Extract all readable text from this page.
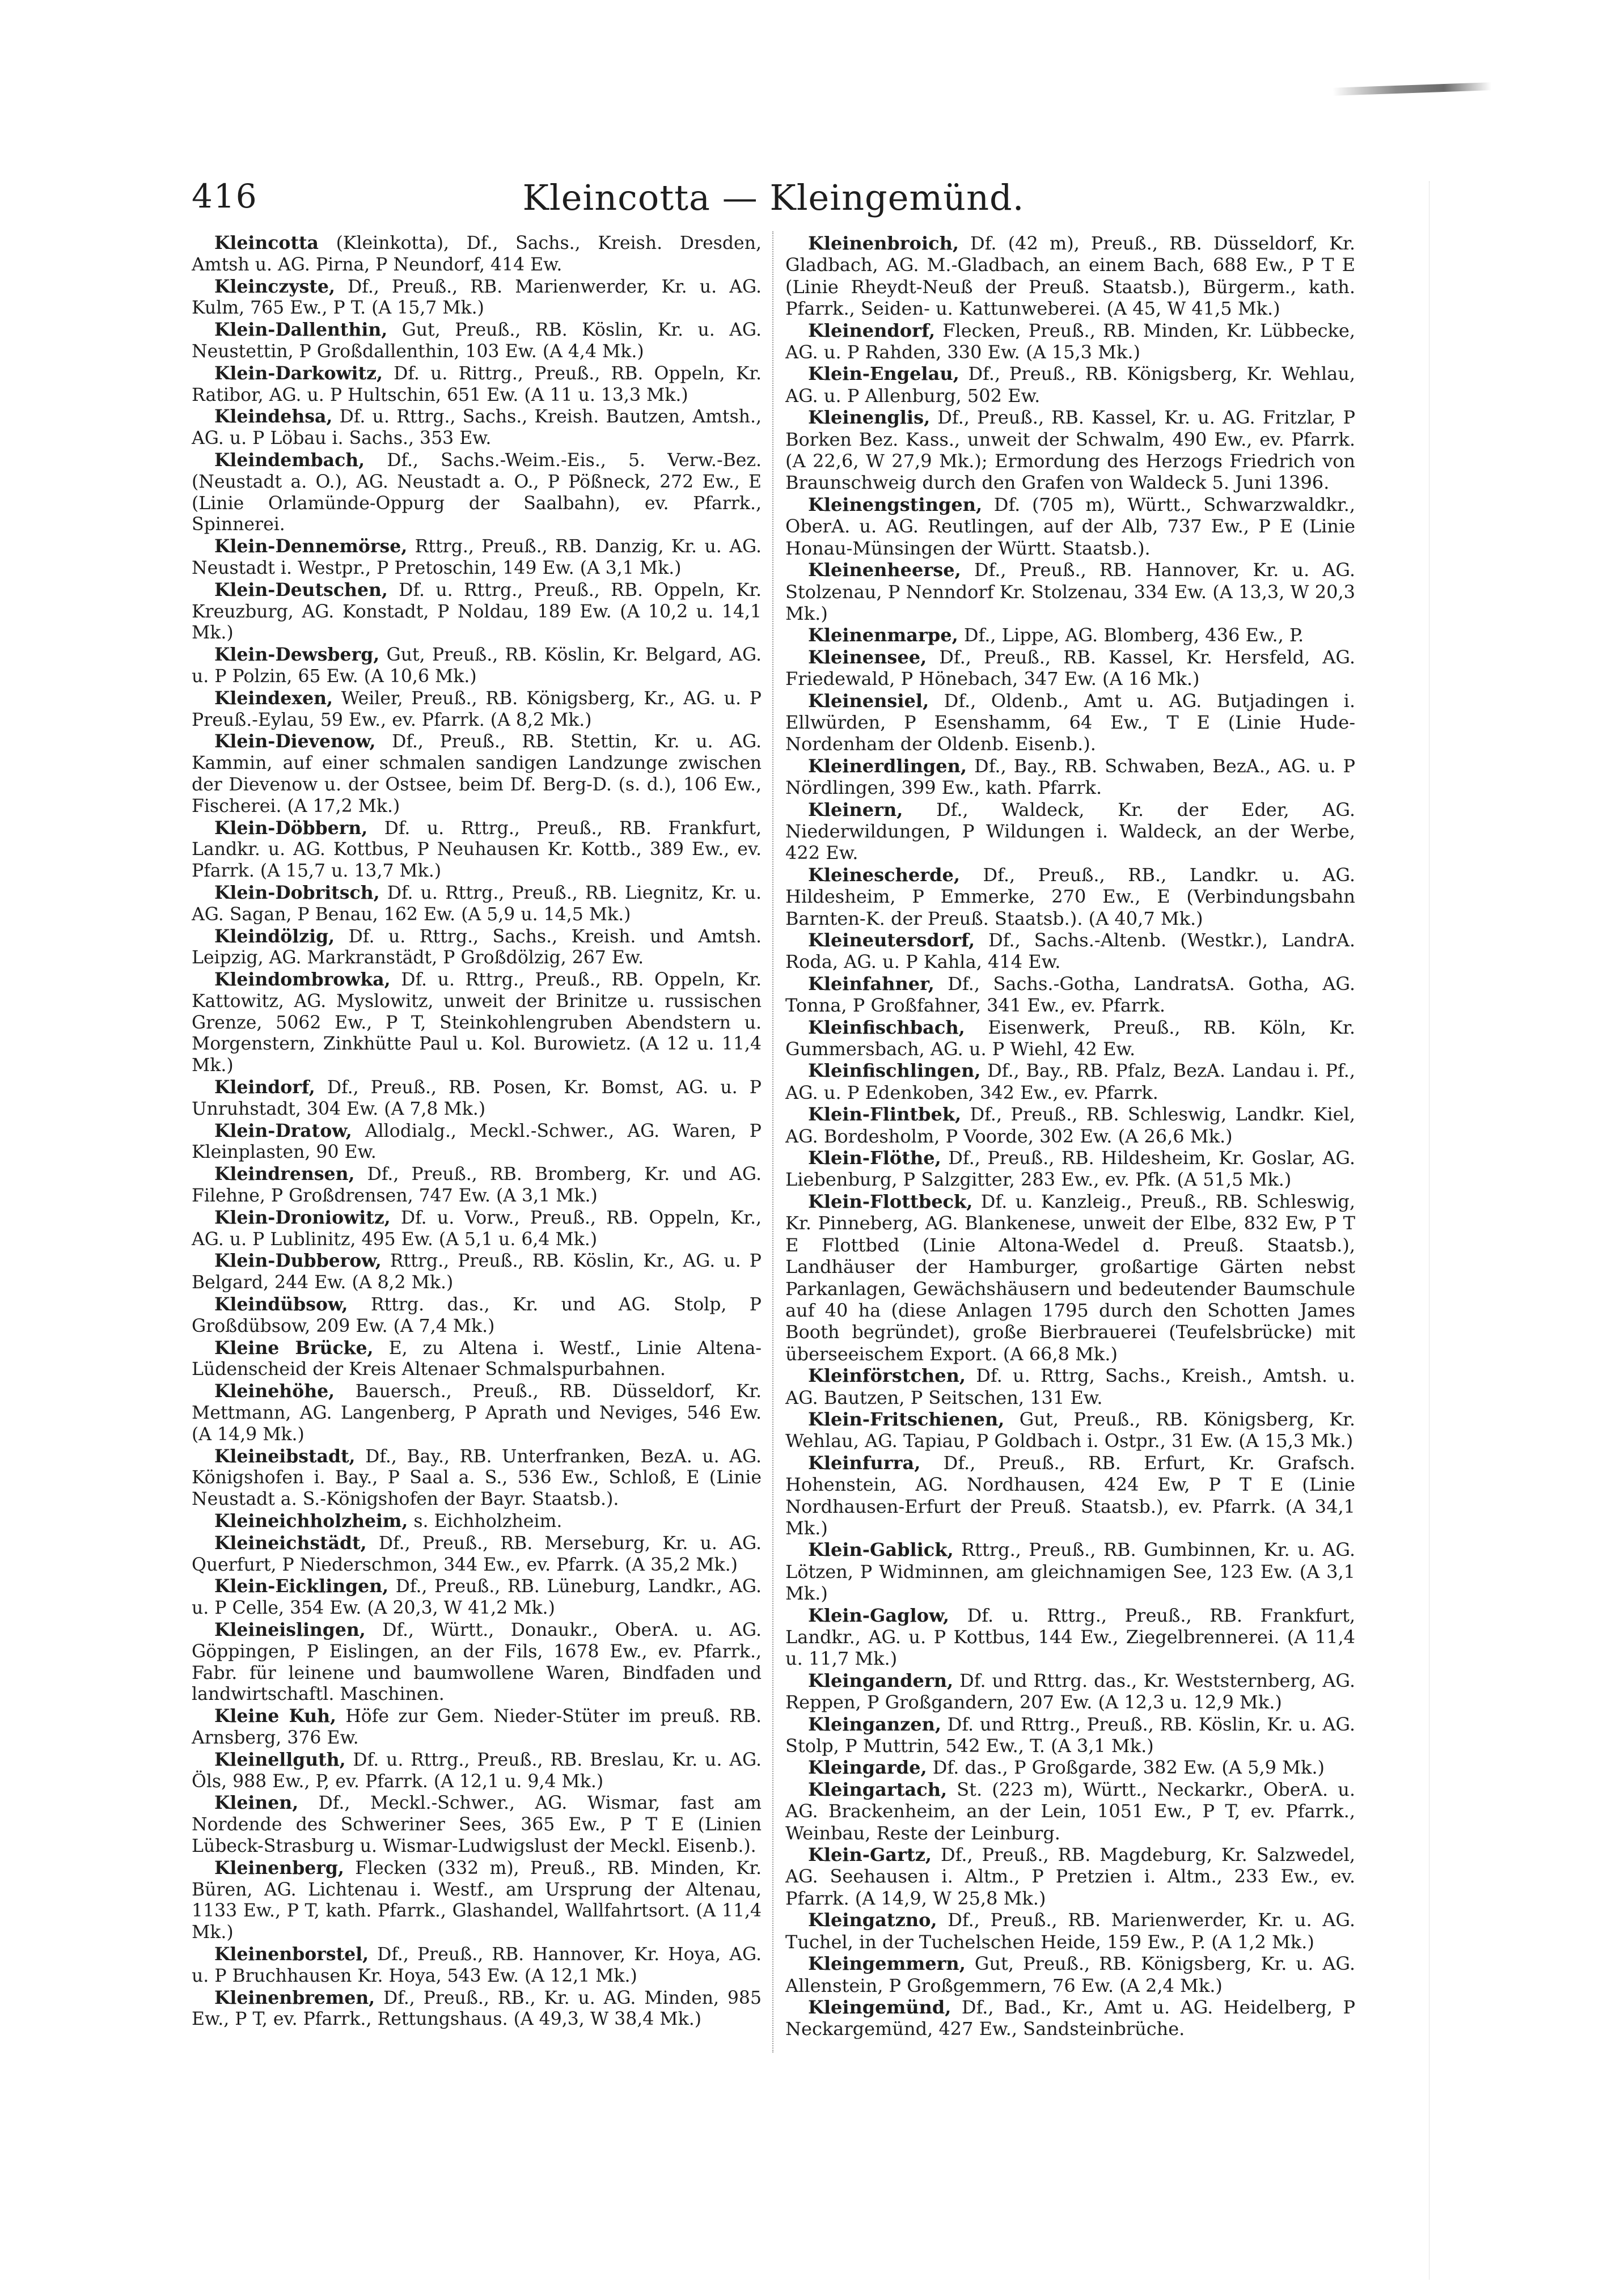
416	Kleincotta — Kleingemünd.

Kleincotta (Kleinkotta), Df., Sachs., Kreish. Dresden, Amtsh u. AG. Pirna, P Neundorf, 414 Ew.

Kleinczyste, Df., Preuß., RB. Marienwerder, Kr. u. AG. Kulm, 765 Ew., P T. (A 15,7 Mk.)

Klein-Dallenthin, Gut, Preuß., RB. Köslin, Kr. u. AG. Neustettin, P Großdallenthin, 103 Ew. (A 4,4 Mk.)

Klein-Darkowitz, Df. u. Rittrg., Preuß., RB. Oppeln, Kr. Ratibor, AG. u. P Hultschin, 651 Ew. (A 11 u. 13,3 Mk.)

Kleindehsa, Df. u. Rttrg., Sachs., Kreish. Bautzen, Amtsh., AG. u. P Löbau i. Sachs., 353 Ew.

Kleindembach, Df., Sachs.-Weim.-Eis., 5. Verw.-Bez. (Neustadt a. O.), AG. Neustadt a. O., P Pößneck, 272 Ew., E (Linie Orlamünde-Oppurg der Saalbahn), ev. Pfarrk., Spinnerei.

Klein-Dennemörse, Rttrg., Preuß., RB. Danzig, Kr. u. AG. Neustadt i. Westpr., P Pretoschin, 149 Ew. (A 3,1 Mk.)

Klein-Deutschen, Df. u. Rttrg., Preuß., RB. Oppeln, Kr. Kreuzburg, AG. Konstadt, P Noldau, 189 Ew. (A 10,2 u. 14,1 Mk.)

Klein-Dewsberg, Gut, Preuß., RB. Köslin, Kr. Belgard, AG. u. P Polzin, 65 Ew. (A 10,6 Mk.)

Kleindexen, Weiler, Preuß., RB. Königsberg, Kr., AG. u. P Preuß.-Eylau, 59 Ew., ev. Pfarrk. (A 8,2 Mk.)

Klein-Dievenow, Df., Preuß., RB. Stettin, Kr. u. AG. Kammin, auf einer schmalen sandigen Landzunge zwischen der Dievenow u. der Ostsee, beim Df. Berg-D. (s. d.), 106 Ew., Fischerei. (A 17,2 Mk.)

Klein-Döbbern, Df. u. Rttrg., Preuß., RB. Frankfurt, Landkr. u. AG. Kottbus, P Neuhausen Kr. Kottb., 389 Ew., ev. Pfarrk. (A 15,7 u. 13,7 Mk.)

Klein-Dobritsch, Df. u. Rttrg., Preuß., RB. Liegnitz, Kr. u. AG. Sagan, P Benau, 162 Ew. (A 5,9 u. 14,5 Mk.)

Kleindölzig, Df. u. Rttrg., Sachs., Kreish. und Amtsh. Leipzig, AG. Markranstädt, P Großdölzig, 267 Ew.

Kleindombrowka, Df. u. Rttrg., Preuß., RB. Oppeln, Kr. Kattowitz, AG. Myslowitz, unweit der Brinitze u. russischen Grenze, 5062 Ew., P T, Steinkohlengruben Abendstern u. Morgenstern, Zinkhütte Paul u. Kol. Burowietz. (A 12 u. 11,4 Mk.)

Kleindorf, Df., Preuß., RB. Posen, Kr. Bomst, AG. u. P Unruhstadt, 304 Ew. (A 7,8 Mk.)

Klein-Dratow, Allodialg., Meckl.-Schwer., AG. Waren, P Kleinplasten, 90 Ew.

Kleindrensen, Df., Preuß., RB. Bromberg, Kr. und AG. Filehne, P Großdrensen, 747 Ew. (A 3,1 Mk.)

Klein-Droniowitz, Df. u. Vorw., Preuß., RB. Oppeln, Kr., AG. u. P Lublinitz, 495 Ew. (A 5,1 u. 6,4 Mk.)

Klein-Dubberow, Rttrg., Preuß., RB. Köslin, Kr., AG. u. P Belgard, 244 Ew. (A 8,2 Mk.)

Kleindübsow, Rttrg. das., Kr. und AG. Stolp, P Großdübsow, 209 Ew. (A 7,4 Mk.)

Kleine Brücke, E, zu Altena i. Westf., Linie Altena-Lüdenscheid der Kreis Altenaer Schmalspurbahnen.

Kleinehöhe, Bauersch., Preuß., RB. Düsseldorf, Kr. Mettmann, AG. Langenberg, P Aprath und Neviges, 546 Ew. (A 14,9 Mk.)

Kleineibstadt, Df., Bay., RB. Unterfranken, BezA. u. AG. Königshofen i. Bay., P Saal a. S., 536 Ew., Schloß, E (Linie Neustadt a. S.-Königshofen der Bayr. Staatsb.).

Kleineichholzheim, s. Eichholzheim.

Kleineichstädt, Df., Preuß., RB. Merseburg, Kr. u. AG. Querfurt, P Niederschmon, 344 Ew., ev. Pfarrk. (A 35,2 Mk.)

Klein-Eicklingen, Df., Preuß., RB. Lüneburg, Landkr., AG. u. P Celle, 354 Ew. (A 20,3, W 41,2 Mk.)

Kleineislingen, Df., Württ., Donaukr., OberA. u. AG. Göppingen, P Eislingen, an der Fils, 1678 Ew., ev. Pfarrk., Fabr. für leinene und baumwollene Waren, Bindfaden und landwirtschaftl. Maschinen.

Kleine Kuh, Höfe zur Gem. Nieder-Stüter im preuß. RB. Arnsberg, 376 Ew.

Kleinellguth, Df. u. Rttrg., Preuß., RB. Breslau, Kr. u. AG. Öls, 988 Ew., P, ev. Pfarrk. (A 12,1 u. 9,4 Mk.)

Kleinen, Df., Meckl.-Schwer., AG. Wismar, fast am Nordende des Schweriner Sees, 365 Ew., P T E (Linien Lübeck-Strasburg u. Wismar-Ludwigslust der Meckl. Eisenb.).

Kleinenberg, Flecken (332 m), Preuß., RB. Minden, Kr. Büren, AG. Lichtenau i. Westf., am Ursprung der Altenau, 1133 Ew., P T, kath. Pfarrk., Glashandel, Wallfahrtsort. (A 11,4 Mk.)

Kleinenborstel, Df., Preuß., RB. Hannover, Kr. Hoya, AG. u. P Bruchhausen Kr. Hoya, 543 Ew. (A 12,1 Mk.)

Kleinenbremen, Df., Preuß., RB., Kr. u. AG. Minden, 985 Ew., P T, ev. Pfarrk., Rettungshaus. (A 49,3, W 38,4 Mk.)

Kleinenbroich, Df. (42 m), Preuß., RB. Düsseldorf, Kr. Gladbach, AG. M.-Gladbach, an einem Bach, 688 Ew., P T E (Linie Rheydt-Neuß der Preuß. Staatsb.), Bürgerm., kath. Pfarrk., Seiden- u. Kattunweberei. (A 45, W 41,5 Mk.)

Kleinendorf, Flecken, Preuß., RB. Minden, Kr. Lübbecke, AG. u. P Rahden, 330 Ew. (A 15,3 Mk.)

Klein-Engelau, Df., Preuß., RB. Königsberg, Kr. Wehlau, AG. u. P Allenburg, 502 Ew.

Kleinenglis, Df., Preuß., RB. Kassel, Kr. u. AG. Fritzlar, P Borken Bez. Kass., unweit der Schwalm, 490 Ew., ev. Pfarrk. (A 22,6, W 27,9 Mk.); Ermordung des Herzogs Friedrich von Braunschweig durch den Grafen von Waldeck 5. Juni 1396.

Kleinengstingen, Df. (705 m), Württ., Schwarzwaldkr., OberA. u. AG. Reutlingen, auf der Alb, 737 Ew., P E (Linie Honau-Münsingen der Württ. Staatsb.).

Kleinenheerse, Df., Preuß., RB. Hannover, Kr. u. AG. Stolzenau, P Nenndorf Kr. Stolzenau, 334 Ew. (A 13,3, W 20,3 Mk.)

Kleinenmarpe, Df., Lippe, AG. Blomberg, 436 Ew., P.

Kleinensee, Df., Preuß., RB. Kassel, Kr. Hersfeld, AG. Friedewald, P Hönebach, 347 Ew. (A 16 Mk.)

Kleinensiel, Df., Oldenb., Amt u. AG. Butjadingen i. Ellwürden, P Esenshamm, 64 Ew., T E (Linie Hude-Nordenham der Oldenb. Eisenb.).

Kleinerdlingen, Df., Bay., RB. Schwaben, BezA., AG. u. P Nördlingen, 399 Ew., kath. Pfarrk.

Kleinern, Df., Waldeck, Kr. der Eder, AG. Niederwildungen, P Wildungen i. Waldeck, an der Werbe, 422 Ew.

Kleinescherde, Df., Preuß., RB., Landkr. u. AG. Hildesheim, P Emmerke, 270 Ew., E (Verbindungsbahn Barnten-K. der Preuß. Staatsb.). (A 40,7 Mk.)

Kleineutersdorf, Df., Sachs.-Altenb. (Westkr.), LandrA. Roda, AG. u. P Kahla, 414 Ew.

Kleinfahner, Df., Sachs.-Gotha, LandratsA. Gotha, AG. Tonna, P Großfahner, 341 Ew., ev. Pfarrk.

Kleinfischbach, Eisenwerk, Preuß., RB. Köln, Kr. Gummersbach, AG. u. P Wiehl, 42 Ew.

Kleinfischlingen, Df., Bay., RB. Pfalz, BezA. Landau i. Pf., AG. u. P Edenkoben, 342 Ew., ev. Pfarrk.

Klein-Flintbek, Df., Preuß., RB. Schleswig, Landkr. Kiel, AG. Bordesholm, P Voorde, 302 Ew. (A 26,6 Mk.)

Klein-Flöthe, Df., Preuß., RB. Hildesheim, Kr. Goslar, AG. Liebenburg, P Salzgitter, 283 Ew., ev. Pfk. (A 51,5 Mk.)

Klein-Flottbeck, Df. u. Kanzleig., Preuß., RB. Schleswig, Kr. Pinneberg, AG. Blankenese, unweit der Elbe, 832 Ew, P T E Flottbed (Linie Altona-Wedel d. Preuß. Staatsb.), Landhäuser der Hamburger, großartige Gärten nebst Parkanlagen, Gewächshäusern und bedeutender Baumschule auf 40 ha (diese Anlagen 1795 durch den Schotten James Booth begründet), große Bierbrauerei (Teufelsbrücke) mit überseeischem Export. (A 66,8 Mk.)

Kleinförstchen, Df. u. Rttrg, Sachs., Kreish., Amtsh. u. AG. Bautzen, P Seitschen, 131 Ew.

Klein-Fritschienen, Gut, Preuß., RB. Königsberg, Kr. Wehlau, AG. Tapiau, P Goldbach i. Ostpr., 31 Ew. (A 15,3 Mk.)

Kleinfurra, Df., Preuß., RB. Erfurt, Kr. Grafsch. Hohenstein, AG. Nordhausen, 424 Ew, P T E (Linie Nordhausen-Erfurt der Preuß. Staatsb.), ev. Pfarrk. (A 34,1 Mk.)

Klein-Gablick, Rttrg., Preuß., RB. Gumbinnen, Kr. u. AG. Lötzen, P Widminnen, am gleichnamigen See, 123 Ew. (A 3,1 Mk.)

Klein-Gaglow, Df. u. Rttrg., Preuß., RB. Frankfurt, Landkr., AG. u. P Kottbus, 144 Ew., Ziegelbrennerei. (A 11,4 u. 11,7 Mk.)

Kleingandern, Df. und Rttrg. das., Kr. Weststernberg, AG. Reppen, P Großgandern, 207 Ew. (A 12,3 u. 12,9 Mk.)

Kleinganzen, Df. und Rttrg., Preuß., RB. Köslin, Kr. u. AG. Stolp, P Muttrin, 542 Ew., T. (A 3,1 Mk.)

Kleingarde, Df. das., P Großgarde, 382 Ew. (A 5,9 Mk.)

Kleingartach, St. (223 m), Württ., Neckarkr., OberA. u. AG. Brackenheim, an der Lein, 1051 Ew., P T, ev. Pfarrk., Weinbau, Reste der Leinburg.

Klein-Gartz, Df., Preuß., RB. Magdeburg, Kr. Salzwedel, AG. Seehausen i. Altm., P Pretzien i. Altm., 233 Ew., ev. Pfarrk. (A 14,9, W 25,8 Mk.)

Kleingatzno, Df., Preuß., RB. Marienwerder, Kr. u. AG. Tuchel, in der Tuchelschen Heide, 159 Ew., P. (A 1,2 Mk.)

Kleingemmern, Gut, Preuß., RB. Königsberg, Kr. u. AG. Allenstein, P Großgemmern, 76 Ew. (A 2,4 Mk.)

Kleingemünd, Df., Bad., Kr., Amt u. AG. Heidelberg, P Neckargemünd, 427 Ew., Sandsteinbrüche.
